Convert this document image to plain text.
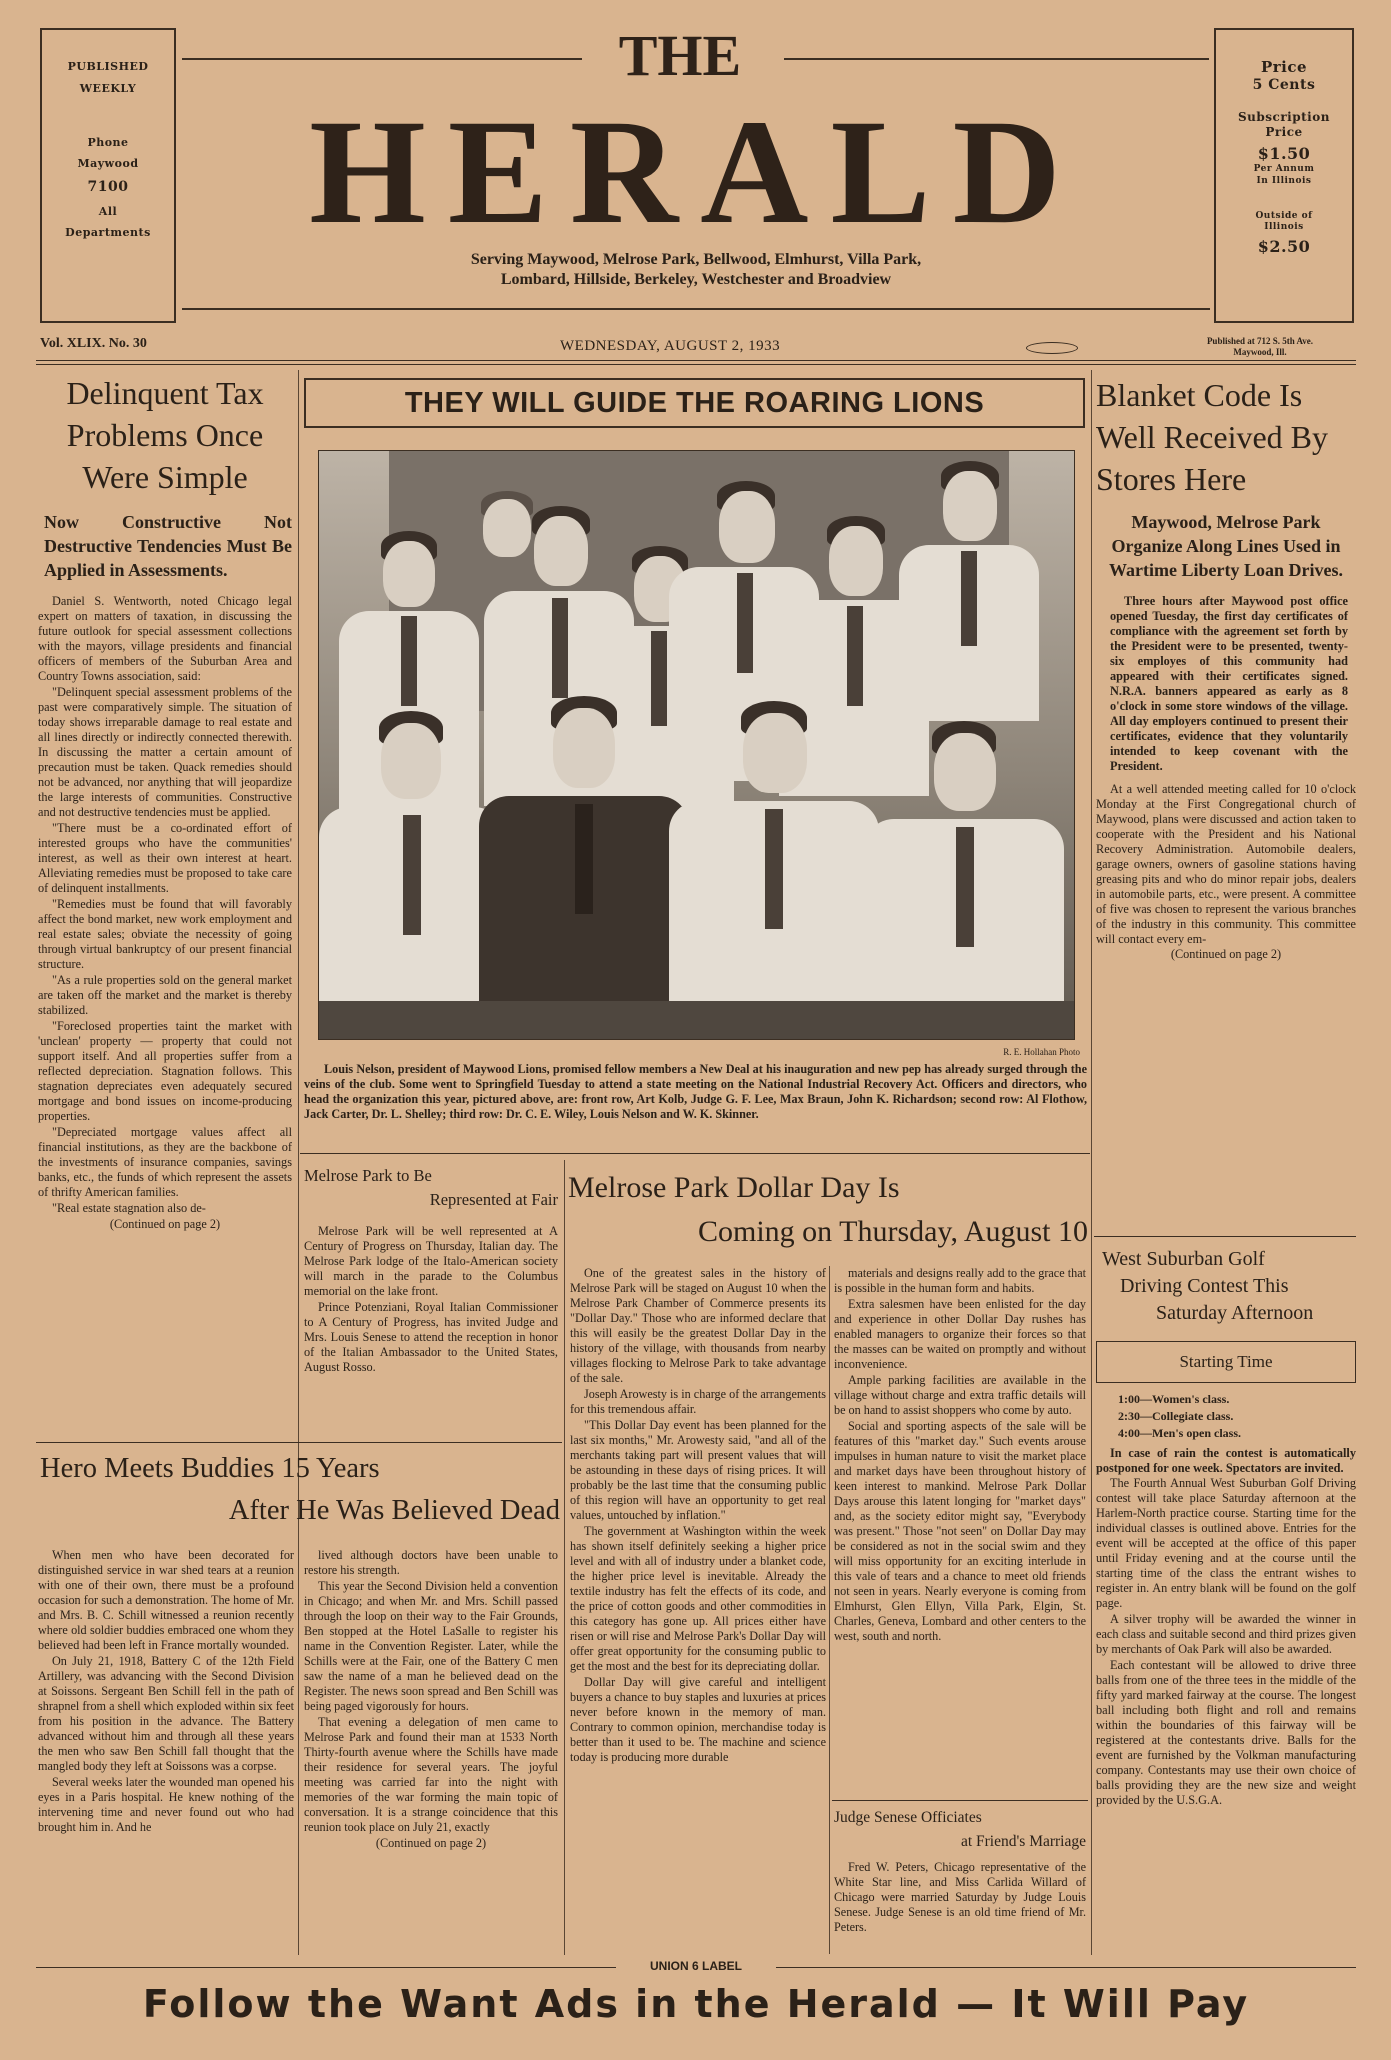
PUBLISHED
WEEKLY
Phone
Maywood
7100
All
Departments
THE
HERALD
Serving Maywood, Melrose Park, Bellwood, Elmhurst, Villa Park,
Lombard, Hillside, Berkeley, Westchester and Broadview
Price
5 Cents
Subscription
Price
$1.50
Per Annum
In Illinois
Outside of
Illinois
$2.50
Vol. XLIX. No. 30	WEDNESDAY, AUGUST 2, 1933	Published at 712 S. 5th Ave.
Maywood, Ill.
Delinquent Tax Problems Once Were Simple
Now Constructive Not Destructive Tendencies Must Be Applied in Assessments.

Daniel S. Wentworth, noted Chicago legal expert on matters of taxation, in discussing the future outlook for special assessment collections with the mayors, village presidents and financial officers of members of the Suburban Area and Country Towns association, said:

"Delinquent special assessment problems of the past were comparatively simple. The situation of today shows irreparable damage to real estate and all lines directly or indirectly connected therewith. In discussing the matter a certain amount of precaution must be taken. Quack remedies should not be advanced, nor anything that will jeopardize the large interests of communities. Constructive and not destructive tendencies must be applied.

"There must be a co-ordinated effort of interested groups who have the communities' interest, as well as their own interest at heart. Alleviating remedies must be proposed to take care of delinquent installments.

"Remedies must be found that will favorably affect the bond market, new work employment and real estate sales; obviate the necessity of going through virtual bankruptcy of our present financial structure.

"As a rule properties sold on the general market are taken off the market and the market is thereby stabilized.

"Foreclosed properties taint the market with 'unclean' property — property that could not support itself. And all properties suffer from a reflected depreciation. Stagnation follows. This stagnation depreciates even adequately secured mortgage and bond issues on income-producing properties.

"Depreciated mortgage values affect all financial institutions, as they are the backbone of the investments of insurance companies, savings banks, etc., the funds of which represent the assets of thrifty American families.

"Real estate stagnation also de-

(Continued on page 2)
THEY WILL GUIDE THE ROARING LIONS
R. E. Hollahan Photo
Louis Nelson, president of Maywood Lions, promised fellow members a New Deal at his inauguration and new pep has already surged through the veins of the club. Some went to Springfield Tuesday to attend a state meeting on the National Industrial Recovery Act. Officers and directors, who head the organization this year, pictured above, are: front row, Art Kolb, Judge G. F. Lee, Max Braun, John K. Richardson; second row: Al Flothow, Jack Carter, Dr. L. Shelley; third row: Dr. C. E. Wiley, Louis Nelson and W. K. Skinner.
Blanket Code Is Well Received By Stores Here
Maywood, Melrose Park Organize Along Lines Used in Wartime Liberty Loan Drives.
Three hours after Maywood post office opened Tuesday, the first day certificates of compliance with the agreement set forth by the President were to be presented, twenty-six employes of this community had appeared with their certificates signed. N.R.A. banners appeared as early as 8 o'clock in some store windows of the village. All day employers continued to present their certificates, evidence that they voluntarily intended to keep covenant with the President.
At a well attended meeting called for 10 o'clock Monday at the First Congregational church of Maywood, plans were discussed and action taken to cooperate with the President and his National Recovery Administration. Automobile dealers, garage owners, owners of gasoline stations having greasing pits and who do minor repair jobs, dealers in automobile parts, etc., were present. A committee of five was chosen to represent the various branches of the industry in this community. This committee will contact every em-
(Continued on page 2)
West Suburban Golf
Driving Contest This
Saturday Afternoon
Starting Time
1:00—Women's class.
2:30—Collegiate class.
4:00—Men's open class.
In case of rain the contest is automatically postponed for one week. Spectators are invited.

The Fourth Annual West Suburban Golf Driving contest will take place Saturday afternoon at the Harlem-North practice course. Starting time for the individual classes is outlined above. Entries for the event will be accepted at the office of this paper until Friday evening and at the course until the starting time of the class the entrant wishes to register in. An entry blank will be found on the golf page.

A silver trophy will be awarded the winner in each class and suitable second and third prizes given by merchants of Oak Park will also be awarded.

Each contestant will be allowed to drive three balls from one of the three tees in the middle of the fifty yard marked fairway at the course. The longest ball including both flight and roll and remains within the boundaries of this fairway will be registered at the contestants drive. Balls for the event are furnished by the Volkman manufacturing company. Contestants may use their own choice of balls providing they are the new size and weight provided by the U.S.G.A.

Melrose Park to Be
Represented at Fair

Melrose Park will be well represented at A Century of Progress on Thursday, Italian day. The Melrose Park lodge of the Italo-American society will march in the parade to the Columbus memorial on the lake front.

Prince Potenziani, Royal Italian Commissioner to A Century of Progress, has invited Judge and Mrs. Louis Senese to attend the reception in honor of the Italian Ambassador to the United States, August Rosso.

Melrose Park Dollar Day Is
Coming on Thursday, August 10

One of the greatest sales in the history of Melrose Park will be staged on August 10 when the Melrose Park Chamber of Commerce presents its "Dollar Day." Those who are informed declare that this will easily be the greatest Dollar Day in the history of the village, with thousands from nearby villages flocking to Melrose Park to take advantage of the sale.

Joseph Arowesty is in charge of the arrangements for this tremendous affair.

"This Dollar Day event has been planned for the last six months," Mr. Arowesty said, "and all of the merchants taking part will present values that will be astounding in these days of rising prices. It will probably be the last time that the consuming public of this region will have an opportunity to get real values, untouched by inflation."

The government at Washington within the week has shown itself definitely seeking a higher price level and with all of industry under a blanket code, the higher price level is inevitable. Already the textile industry has felt the effects of its code, and the price of cotton goods and other commodities in this category has gone up. All prices either have risen or will rise and Melrose Park's Dollar Day will offer great opportunity for the consuming public to get the most and the best for its depreciating dollar.

Dollar Day will give careful and intelligent buyers a chance to buy staples and luxuries at prices never before known in the memory of man. Contrary to common opinion, merchandise today is better than it used to be. The machine and science today is producing more durable

materials and designs really add to the grace that is possible in the human form and habits.

Extra salesmen have been enlisted for the day and experience in other Dollar Day rushes has enabled managers to organize their forces so that the masses can be waited on promptly and without inconvenience.

Ample parking facilities are available in the village without charge and extra traffic details will be on hand to assist shoppers who come by auto.

Social and sporting aspects of the sale will be features of this "market day." Such events arouse impulses in human nature to visit the market place and market days have been throughout history of keen interest to mankind. Melrose Park Dollar Days arouse this latent longing for "market days" and, as the society editor might say, "Everybody was present." Those "not seen" on Dollar Day may be considered as not in the social swim and they will miss opportunity for an exciting interlude in this vale of tears and a chance to meet old friends not seen in years. Nearly everyone is coming from Elmhurst, Glen Ellyn, Villa Park, Elgin, St. Charles, Geneva, Lombard and other centers to the west, south and north.

Judge Senese Officiates
at Friend's Marriage
Fred W. Peters, Chicago representative of the White Star line, and Miss Carlida Willard of Chicago were married Saturday by Judge Louis Senese. Judge Senese is an old time friend of Mr. Peters.
Hero Meets Buddies 15 Years
After He Was Believed Dead

When men who have been decorated for distinguished service in war shed tears at a reunion with one of their own, there must be a profound occasion for such a demonstration. The home of Mr. and Mrs. B. C. Schill witnessed a reunion recently where old soldier buddies embraced one whom they believed had been left in France mortally wounded.

On July 21, 1918, Battery C of the 12th Field Artillery, was advancing with the Second Division at Soissons. Sergeant Ben Schill fell in the path of shrapnel from a shell which exploded within six feet from his position in the advance. The Battery advanced without him and through all these years the men who saw Ben Schill fall thought that the mangled body they left at Soissons was a corpse.

Several weeks later the wounded man opened his eyes in a Paris hospital. He knew nothing of the intervening time and never found out who had brought him in. And he

lived although doctors have been unable to restore his strength.

This year the Second Division held a convention in Chicago; and when Mr. and Mrs. Schill passed through the loop on their way to the Fair Grounds, Ben stopped at the Hotel LaSalle to register his name in the Convention Register. Later, while the Schills were at the Fair, one of the Battery C men saw the name of a man he believed dead on the Register. The news soon spread and Ben Schill was being paged vigorously for hours.

That evening a delegation of men came to Melrose Park and found their man at 1533 North Thirty-fourth avenue where the Schills have made their residence for several years. The joyful meeting was carried far into the night with memories of the war forming the main topic of conversation. It is a strange coincidence that this reunion took place on July 21, exactly

(Continued on page 2)
UNION 6 LABEL
Follow the Want Ads in the Herald — It Will Pay
